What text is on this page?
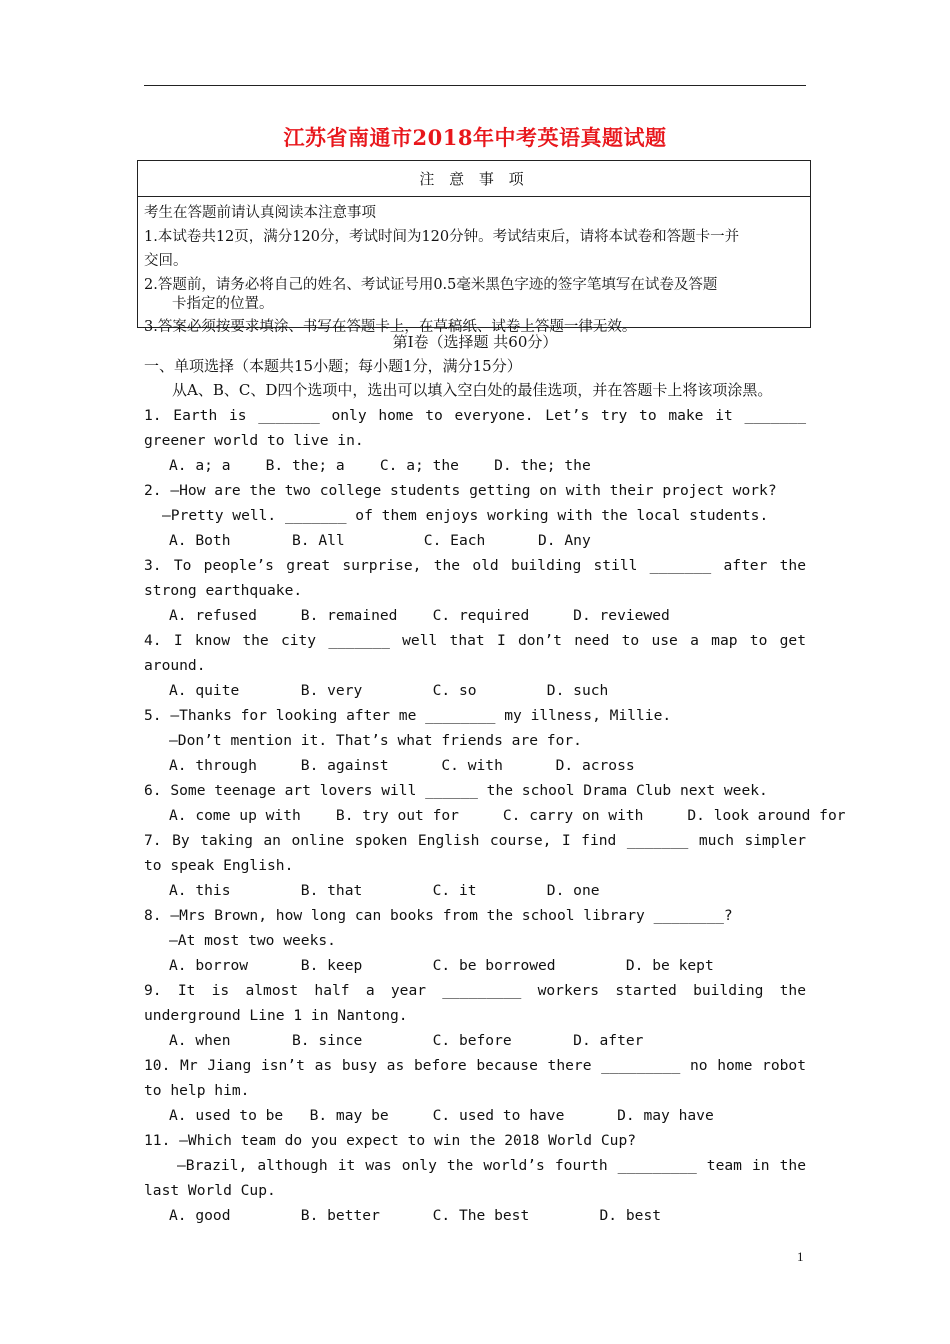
江苏省南通市2018年中考英语真题试题
注 意 事 项

考生在答题前请认真阅读本注意事项

1.本试卷共12页，满分120分，考试时间为120分钟。考试结束后，请将本试卷和答题卡一并

交回。

2.答题前，请务必将自己的姓名、考试证号用0.5毫米黑色字迹的签字笔填写在试卷及答题

卡指定的位置。

3.答案必须按要求填涂、书写在答题卡上，在草稿纸、试卷上答题一律无效。

第Ⅰ卷（选择题 共60分）

一、单项选择（本题共15小题；每小题1分，满分15分）

从A、B、C、D四个选项中，选出可以填入空白处的最佳选项，并在答题卡上将该项涂黑。

1. Earth is _______ only home to everyone. Let’s try to make it _______ greener world to live in.

A. a; a    B. the; a    C. a; the    D. the; the

2. —How are the two college students getting on with their project work?

—Pretty well. _______ of them enjoys working with the local students.

A. Both       B. All         C. Each      D. Any

3. To people’s great surprise, the old building still _______ after the strong earthquake.

A. refused     B. remained    C. required     D. reviewed

4. I know the city _______ well that I don’t need to use a map to get around.

A. quite       B. very        C. so        D. such

5. —Thanks for looking after me ________ my illness, Millie.

—Don’t mention it. That’s what friends are for.

A. through     B. against      C. with      D. across

6. Some teenage art lovers will ______ the school Drama Club next week.

A. come up with    B. try out for     C. carry on with     D. look around for

7. By taking an online spoken English course, I find _______ much simpler to speak English.

A. this        B. that        C. it        D. one

8. —Mrs Brown, how long can books from the school library ________?

—At most two weeks.

A. borrow      B. keep        C. be borrowed        D. be kept

9. It is almost half a year _________ workers started building the underground Line 1 in Nantong.

A. when       B. since        C. before       D. after

10. Mr Jiang isn’t as busy as before because there _________ no home robot to help him.

A. used to be   B. may be     C. used to have      D. may have

11. —Which team do you expect to win the 2018 World Cup?

—Brazil, although it was only the world’s fourth _________ team in the last World Cup.

A. good        B. better      C. The best        D. best

1
